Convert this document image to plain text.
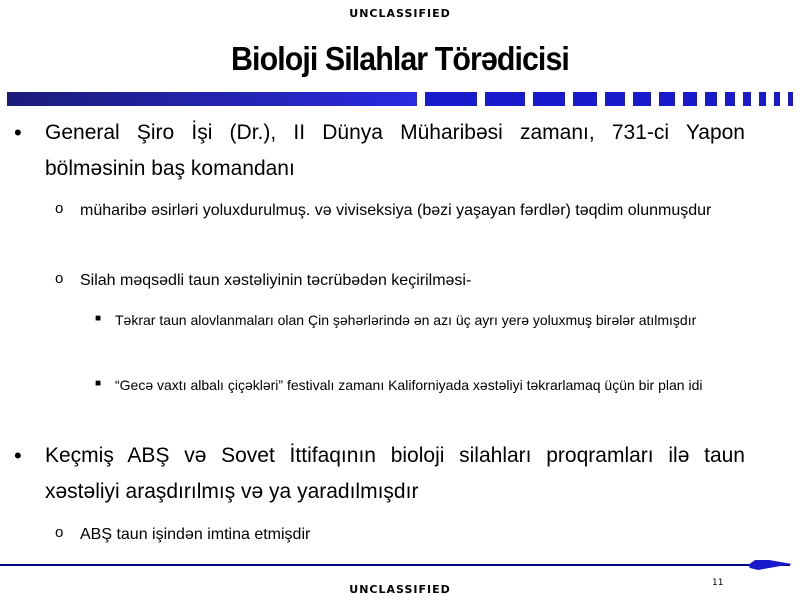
UNCLASSIFIED
Bioloji Silahlar Törǝdicisi
• General Şiro İşi (Dr.), II Dünya Müharibǝsi zamanı, 731-ci Yapon bölmǝsinin baş komandanı
o müharibǝ ǝsirlǝri yoluxdurulmuş. vǝ viviseksiya (bǝzi yaşayan fǝrdlǝr) tǝqdim olunmuşdur
o Silah mǝqsǝdli taun xǝstǝliyinin tǝcrübǝdǝn keçirilmǝsi-
■ Tǝkrar taun alovlanmaları olan Çin şǝhǝrlǝrindǝ ǝn azı üç ayrı yerǝ yoluxmuş birǝlǝr atılmışdır
■ “Gecǝ vaxtı albalı çiçǝklǝri” festivalı zamanı Kaliforniyada xǝstǝliyi tǝkrarlamaq üçün bir plan idi
• Keçmiş ABŞ vǝ Sovet İttifaqının bioloji silahları proqramları ilǝ taun xǝstǝliyi araşdırılmış vǝ ya yaradılmışdır
o ABŞ taun işindǝn imtina etmişdir
11
UNCLASSIFIED
